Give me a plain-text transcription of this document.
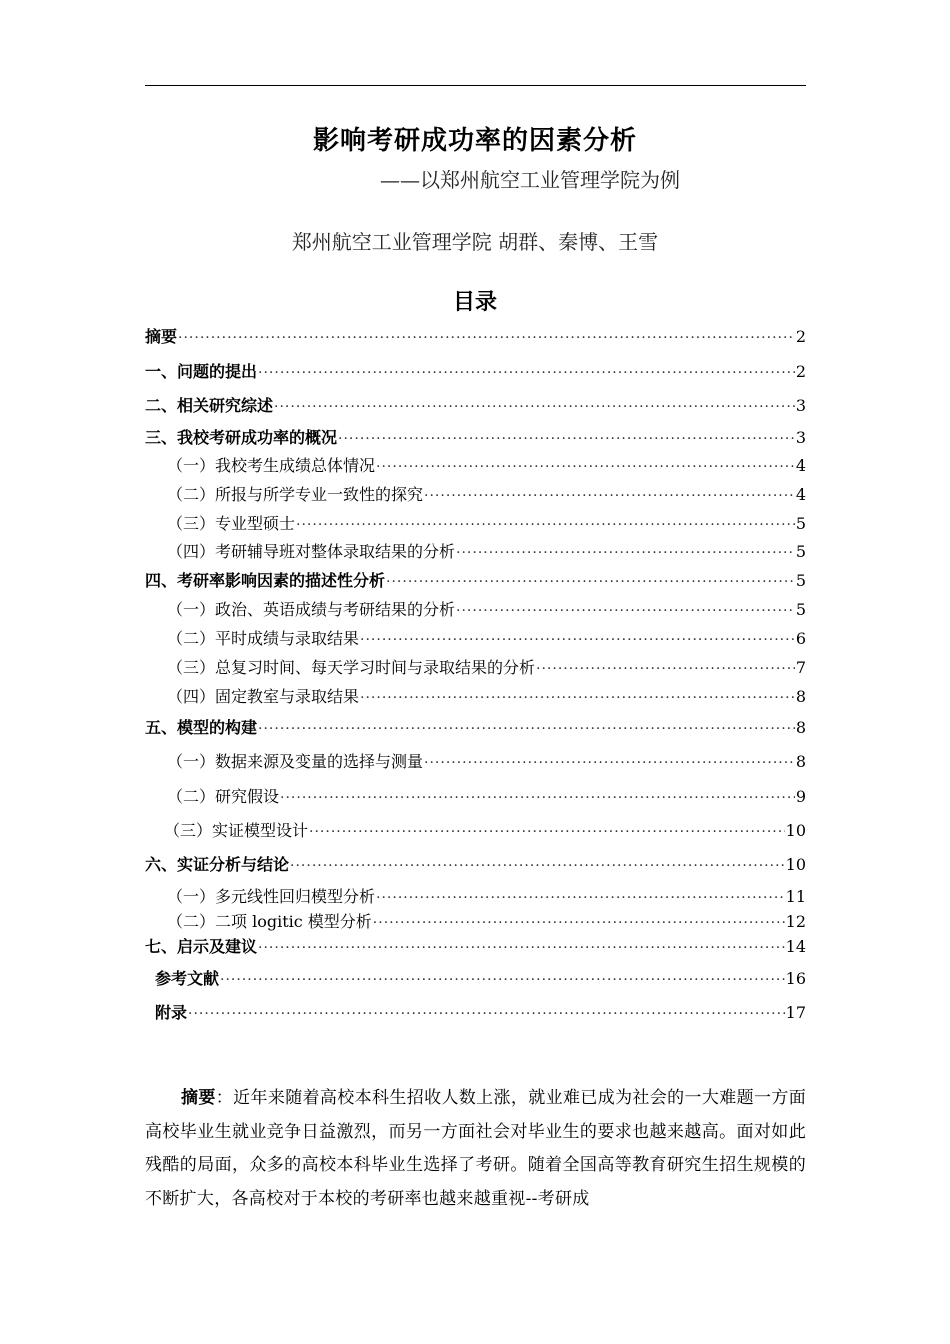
影响考研成功率的因素分析
——以郑州航空工业管理学院为例
郑州航空工业管理学院 胡群、秦博、王雪
目录
摘要 ·····	2
一、问题的提出 ·····	2
二、相关研究综述 ·····	3
三、我校考研成功率的概况 ·····	3
（一）我校考生成绩总体情况 ·····	4
（二）所报与所学专业一致性的探究 ·····	4
（三）专业型硕士 ·····	5
（四）考研辅导班对整体录取结果的分析 ·····	5
四、考研率影响因素的描述性分析 ·····	5
（一）政治、英语成绩与考研结果的分析 ·····	5
（二）平时成绩与录取结果 ·····	6
（三）总复习时间、每天学习时间与录取结果的分析 ·····	7
（四）固定教室与录取结果 ·····	8
五、模型的构建 ·····	8
（一）数据来源及变量的选择与测量 ·····	8
（二）研究假设 ·····	9
（三）实证模型设计 ·····	10
六、实证分析与结论 ·····	10
（一）多元线性回归模型分析 ·····	11
（二）二项 logitic 模型分析 ·····	12
七、启示及建议 ·····	14
参考文献 ·····	16
附录 ·····	17
摘要：近年来随着高校本科生招收人数上涨，就业难已成为社会的一大难题一方面高校毕业生就业竞争日益激烈，而另一方面社会对毕业生的要求也越来越高。面对如此残酷的局面，众多的高校本科毕业生选择了考研。随着全国高等教育研究生招生规模的不断扩大，各高校对于本校的考研率也越来越重视--考研成
